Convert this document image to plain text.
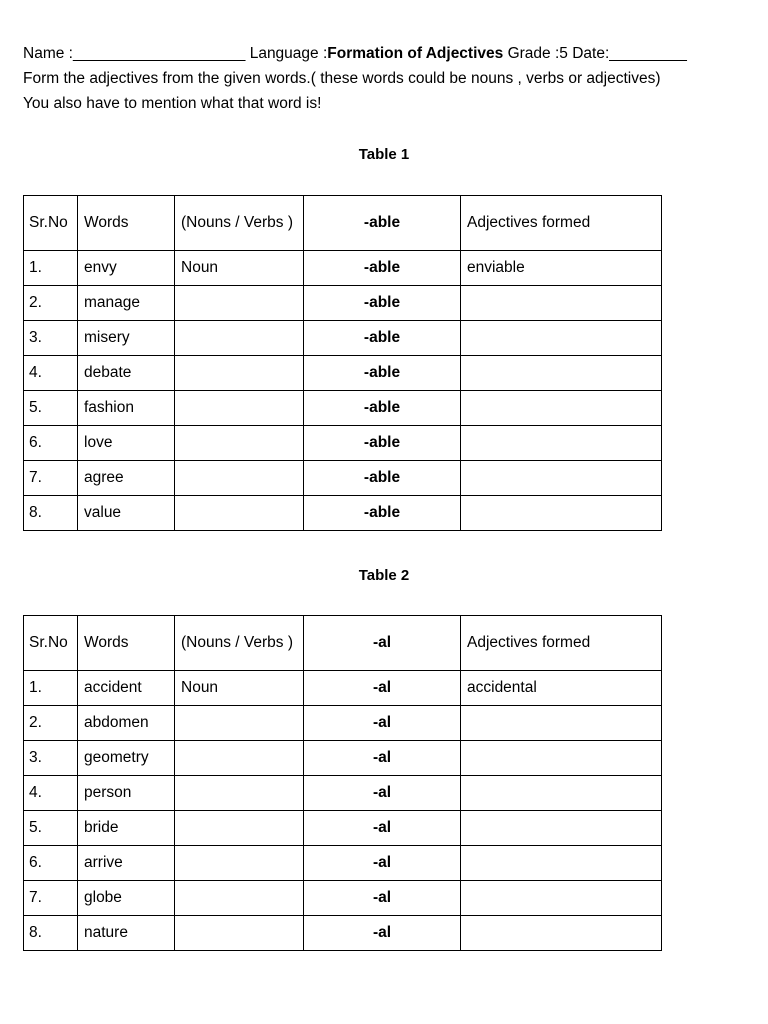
Name :____________________ Language :Formation of Adjectives Grade :5 Date:_________
Form the adjectives from the given words.( these words could be nouns , verbs or adjectives)
You also have to mention what that word is!
Table 1
Sr.No	Words	(Nouns / Verbs )	-able	Adjectives formed
1.	envy	Noun	-able	enviable
2.	manage		-able	
3.	misery		-able	
4.	debate		-able	
5.	fashion		-able	
6.	love		-able	
7.	agree		-able	
8.	value		-able	
Table 2
Sr.No	Words	(Nouns / Verbs )	-al	Adjectives formed
1.	accident	Noun	-al	accidental
2.	abdomen		-al	
3.	geometry		-al	
4.	person		-al	
5.	bride		-al	
6.	arrive		-al	
7.	globe		-al	
8.	nature		-al	
